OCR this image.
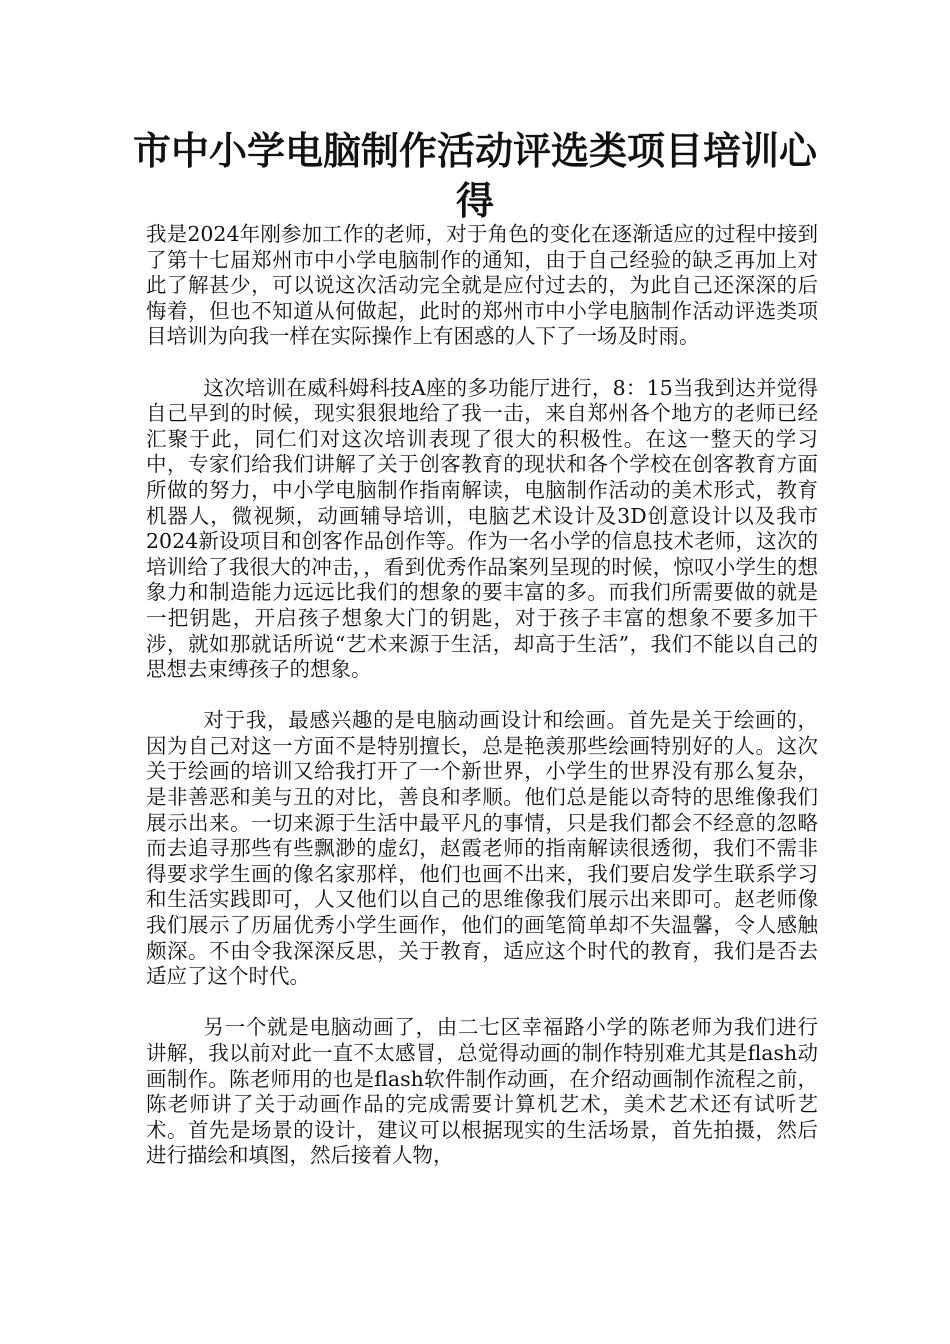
市中小学电脑制作活动评选类项目培训心得

我是2024年刚参加工作的老师，对于角色的变化在逐渐适应的过程中接到了第十七届郑州市中小学电脑制作的通知，由于自己经验的缺乏再加上对此了解甚少，可以说这次活动完全就是应付过去的，为此自己还深深的后悔着，但也不知道从何做起，此时的郑州市中小学电脑制作活动评选类项目培训为向我一样在实际操作上有困惑的人下了一场及时雨。

这次培训在威科姆科技A座的多功能厅进行，8：15当我到达并觉得自己早到的时候，现实狠狠地给了我一击，来自郑州各个地方的老师已经汇聚于此，同仁们对这次培训表现了很大的积极性。在这一整天的学习中，专家们给我们讲解了关于创客教育的现状和各个学校在创客教育方面所做的努力，中小学电脑制作指南解读，电脑制作活动的美术形式，教育机器人，微视频，动画辅导培训，电脑艺术设计及3D创意设计以及我市2024新设项目和创客作品创作等。作为一名小学的信息技术老师，这次的培训给了我很大的冲击，，看到优秀作品案列呈现的时候，惊叹小学生的想象力和制造能力远远比我们的想象的要丰富的多。而我们所需要做的就是一把钥匙，开启孩子想象大门的钥匙，对于孩子丰富的想象不要多加干涉，就如那就话所说“艺术来源于生活，却高于生活”，我们不能以自己的思想去束缚孩子的想象。

对于我，最感兴趣的是电脑动画设计和绘画。首先是关于绘画的，因为自己对这一方面不是特别擅长，总是艳羡那些绘画特别好的人。这次关于绘画的培训又给我打开了一个新世界，小学生的世界没有那么复杂，是非善恶和美与丑的对比，善良和孝顺。他们总是能以奇特的思维像我们展示出来。一切来源于生活中最平凡的事情，只是我们都会不经意的忽略而去追寻那些有些飘渺的虚幻，赵霞老师的指南解读很透彻，我们不需非得要求学生画的像名家那样，他们也画不出来，我们要启发学生联系学习和生活实践即可，人又他们以自己的思维像我们展示出来即可。赵老师像我们展示了历届优秀小学生画作，他们的画笔简单却不失温馨，令人感触颇深。不由令我深深反思，关于教育，适应这个时代的教育，我们是否去适应了这个时代。

另一个就是电脑动画了，由二七区幸福路小学的陈老师为我们进行讲解，我以前对此一直不太感冒，总觉得动画的制作特别难尤其是flash动画制作。陈老师用的也是flash软件制作动画，在介绍动画制作流程之前，陈老师讲了关于动画作品的完成需要计算机艺术，美术艺术还有试听艺术。首先是场景的设计，建议可以根据现实的生活场景，首先拍摄，然后进行描绘和填图，然后接着人物，
